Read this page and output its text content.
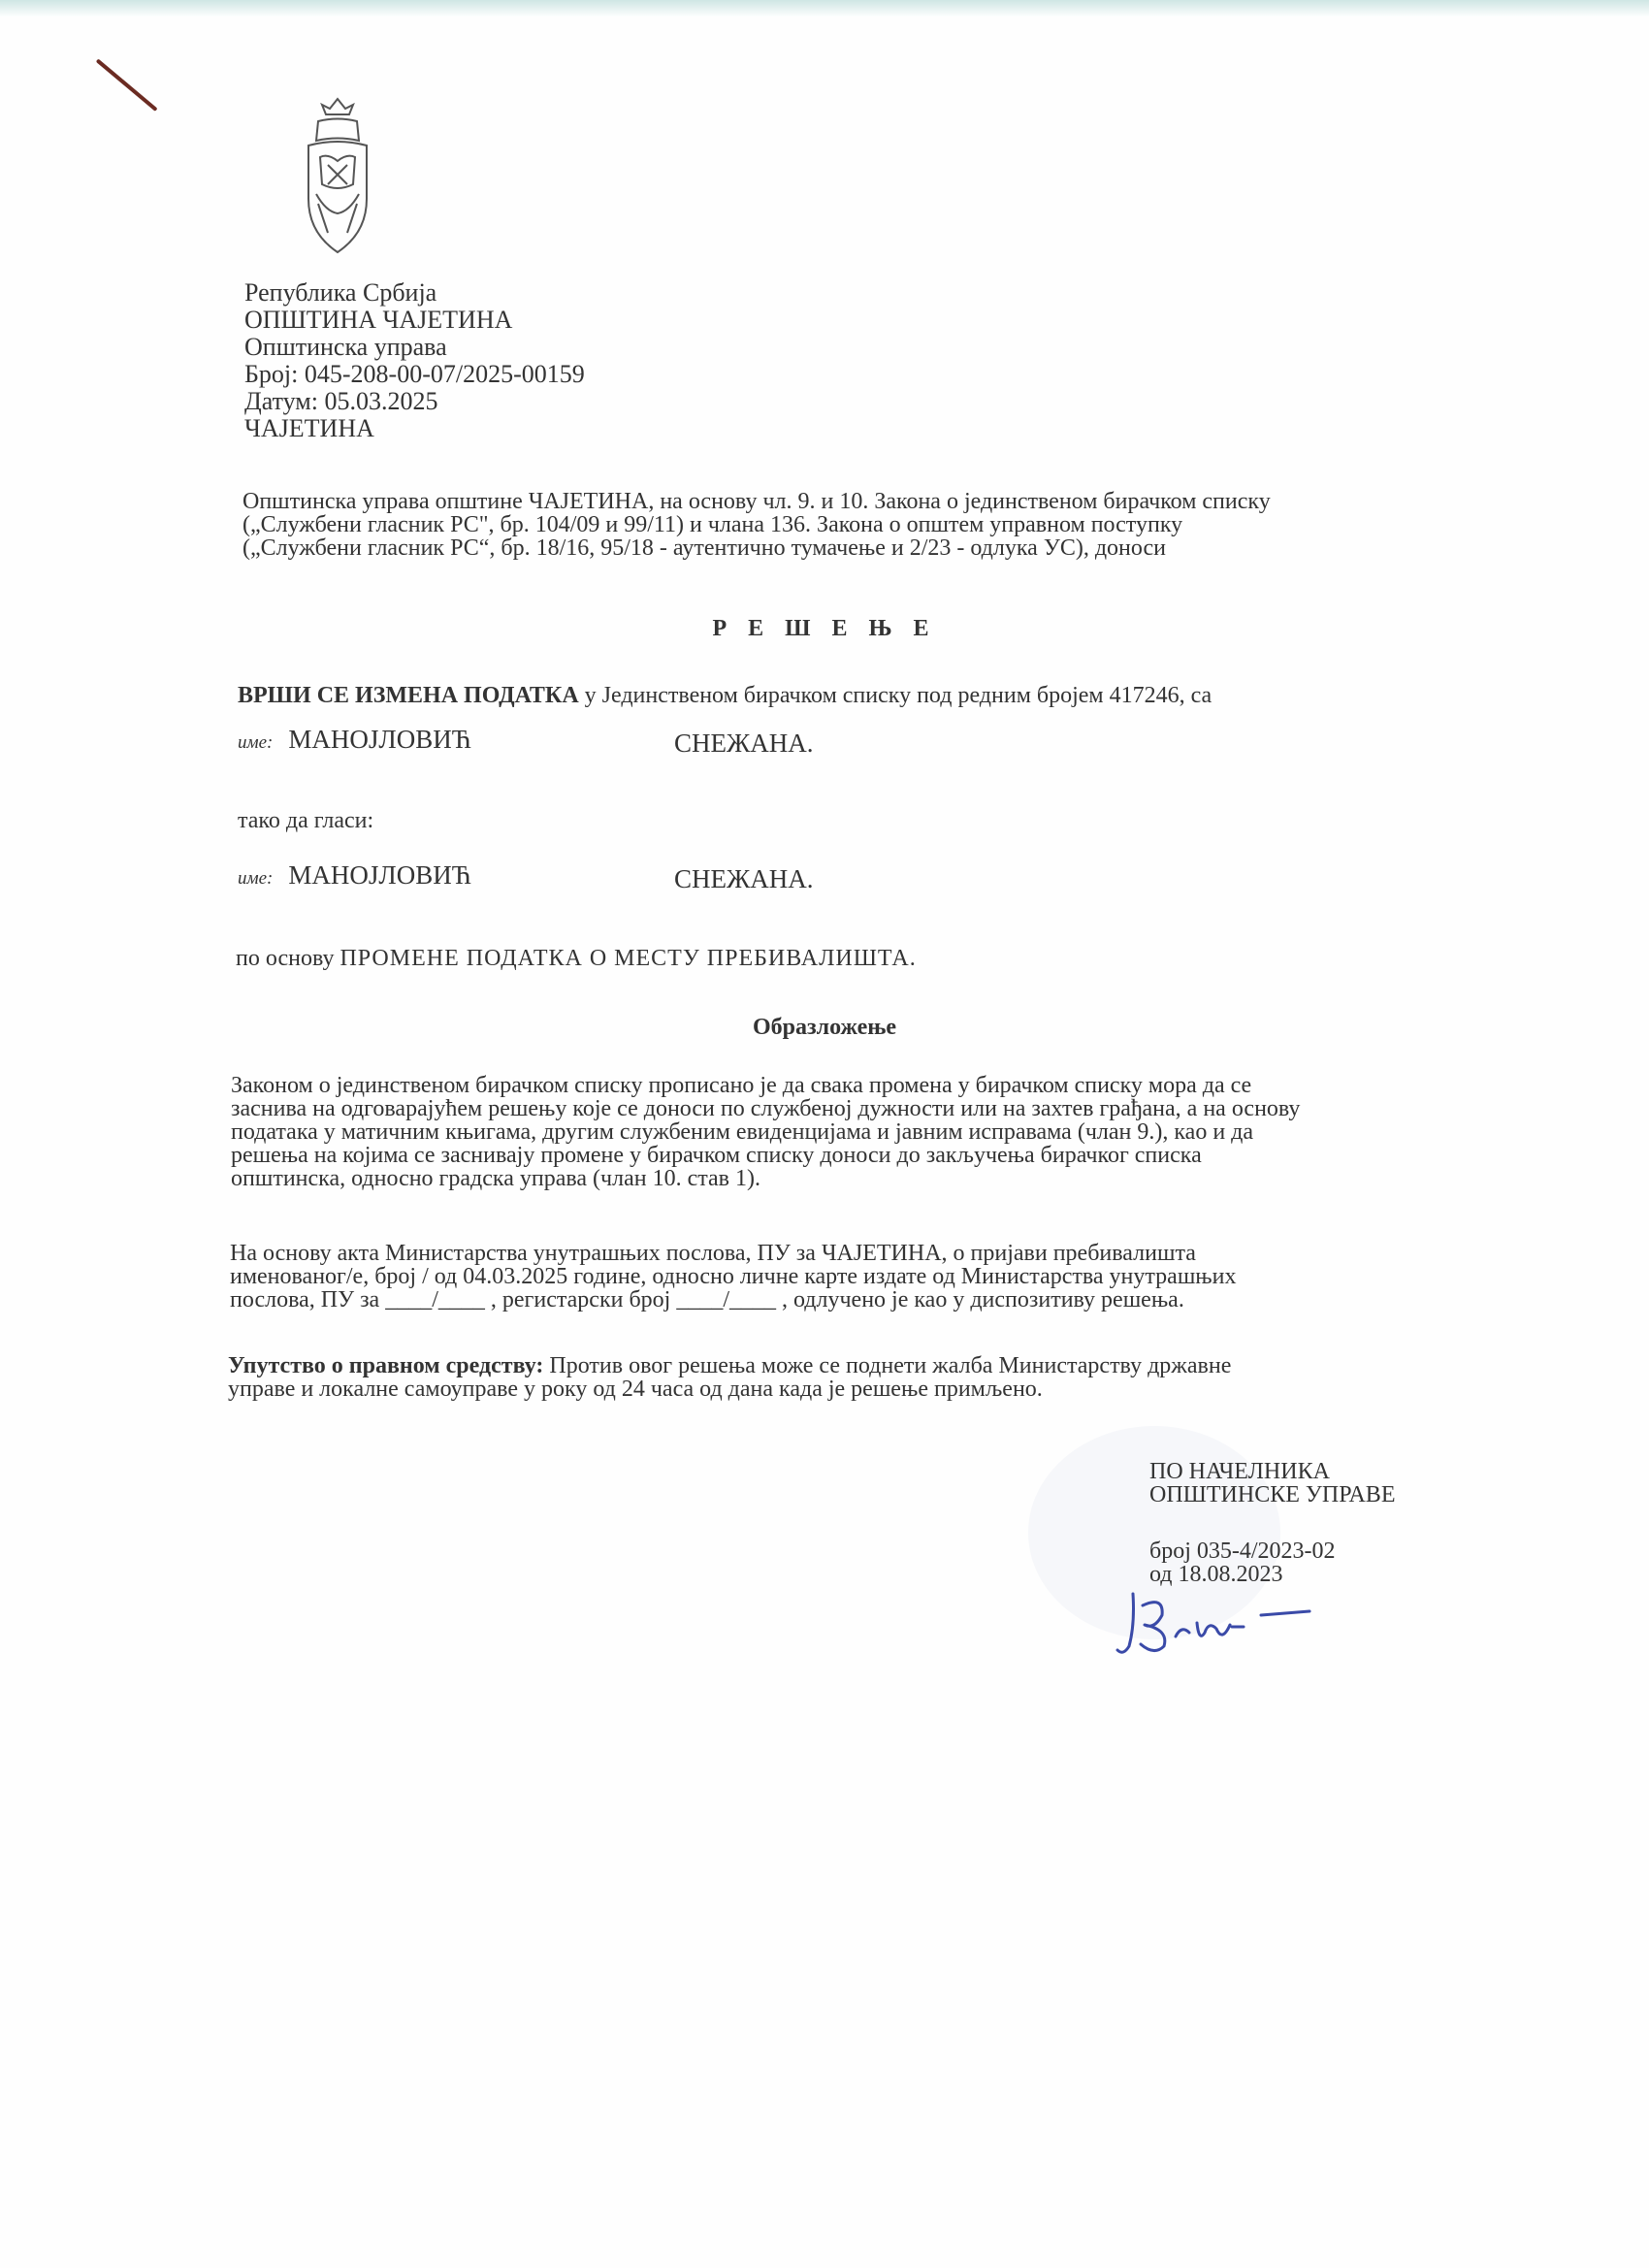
Република Србија
ОПШТИНА ЧАЈЕТИНА
Општинска управа
Број: 045-208-00-07/2025-00159
Датум: 05.03.2025
ЧАЈЕТИНА
Општинска управа општине ЧАЈЕТИНА, на основу чл. 9. и 10. Закона о јединственом бирачком списку
(„Службени гласник РС", бр. 104/09 и 99/11) и члана 136. Закона о општем управном поступку
(„Службени гласник РС“, бр. 18/16, 95/18 - аутентично тумачење и 2/23 - одлука УС), доноси
Р Е Ш Е Њ Е
ВРШИ СЕ ИЗМЕНА ПОДАТКА у Јединственом бирачком списку под редним бројем 417246, са
име: МАНОЈЛОВИЋ	СНЕЖАНА.
тако да гласи:
име: МАНОЈЛОВИЋ	СНЕЖАНА.
по основу ПРОМЕНЕ ПОДАТКА О МЕСТУ ПРЕБИВАЛИШТА.
Образложење
Законом о јединственом бирачком списку прописано је да свака промена у бирачком списку мора да се
заснива на одговарајућем решењу које се доноси по службеној дужности или на захтев грађана, а на основу
података у матичним књигама, другим службеним евиденцијама и јавним исправама (члан 9.), као и да
решења на којима се заснивају промене у бирачком списку доноси до закључења бирачког списка
општинска, односно градска управа (члан 10. став 1).
На основу акта Министарства унутрашњих послова, ПУ за ЧАЈЕТИНА, о пријави пребивалишта
именованог/е, број / од 04.03.2025 године, односно личне карте издате од Министарства унутрашњих
послова, ПУ за ____/____ , регистарски број ____/____ , одлучено је као у диспозитиву решења.
Упутство о правном средству: Против овог решења може се поднети жалба Министарству државне
управе и локалне самоуправе у року од 24 часа од дана када је решење примљено.
ПО НАЧЕЛНИКА
ОПШТИНСКЕ УПРАВЕ
број 035-4/2023-02
од 18.08.2023
